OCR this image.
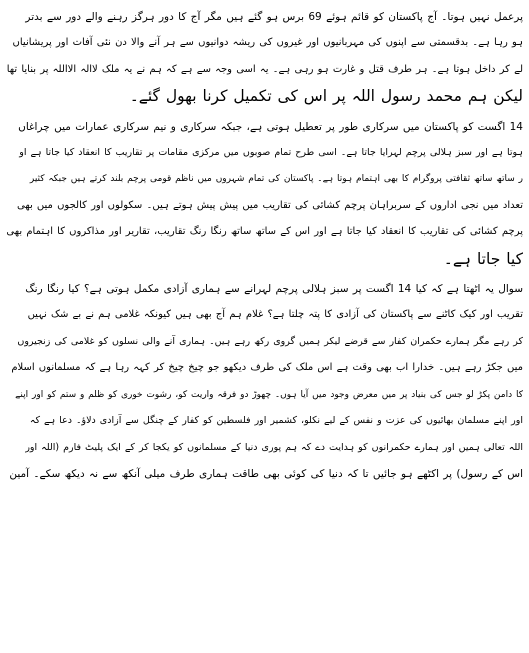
پرعمل نہیں ہوتا۔ آج پاکستان کو قائم ہوئے 69 برس ہو گئے ہیں مگر آج کا دور ہرگز رہنے والے دور سے بدتر
ہو رہا ہے۔ بدقسمتی سے اپنوں کی مہربانیوں اور غیروں کی ریشہ دوانیوں سے ہر آنے والا دن نئی آفات اور پریشانیاں
لے کر داخل ہوتا ہے۔ ہر طرف قتل و غارت ہو رہی ہے۔ یہ اسی وجہ سے ہے کہ ہم نے یہ ملک لاالہ الااللہ پر بنایا تھا
لیکن ہم محمد رسول اللہ پر اس کی تکمیل کرنا بھول گئے۔
14 اگست کو پاکستان میں سرکاری طور پر تعطیل ہوتی ہے، جبکہ سرکاری و نیم سرکاری عمارات میں چراغاں
ہوتا ہے اور سبز ہلالی پرچم لہرایا جاتا ہے۔ اسی طرح تمام صوبوں میں مرکزی مقامات پر تقاریب کا انعقاد کیا جاتا ہے او
ر ساتھ ساتھ ثقافتی پروگرام کا بھی اہتمام ہوتا ہے۔ پاکستان کی تمام شہروں میں ناظم قومی پرچم بلند کرتے ہیں جبکہ کثیر
تعداد میں نجی اداروں کے سربراہان پرچم کشائی کی تقاریب میں پیش پیش ہوتے ہیں۔ سکولوں اور کالجوں میں بھی
پرچم کشائی کی تقاریب کا انعقاد کیا جاتا ہے اور اس کے ساتھ ساتھ رنگا رنگ تقاریب، تقاریر اور مذاکروں کا اہتمام بھی
کیا جاتا ہے۔
سوال یہ اٹھتا ہے کہ کیا 14 اگست پر سبز ہلالی پرچم لہرانے سے ہماری آزادی مکمل ہوتی ہے؟ کیا رنگا رنگ
تقریب اور کیک کاٹنے سے پاکستان کی آزادی کا پتہ چلتا ہے؟ غلام ہم آج بھی ہیں کیونکہ غلامی ہم نے بے شک نہیں
کر رہے مگر ہمارے حکمران کفار سے قرضے لیکر ہمیں گروی رکھ رہے ہیں۔ ہماری آنے والی نسلوں کو غلامی کی زنجیروں
میں جکڑ رہے ہیں۔ خدارا اب بھی وقت ہے اس ملک کی طرف دیکھو جو چیخ چیخ کر کہہ رہا ہے کہ مسلمانوں اسلام
کا دامن پکڑ لو جس کی بنیاد پر میں معرض وجود میں آیا ہوں۔ چھوڑ دو فرقہ واریت کو، رشوت خوری کو ظلم و ستم کو اور اپنے
اور اپنے مسلمان بھائیوں کی عزت و نفس کے لیے نکلو، کشمیر اور فلسطین کو کفار کے چنگل سے آزادی دلاؤ۔ دعا ہے کہ
اللہ تعالی ہمیں اور ہمارے حکمرانوں کو ہدایت دے کہ ہم پوری دنیا کے مسلمانوں کو یکجا کر کے ایک پلیٹ فارم (اللہ اور
اس کے رسول) پر اکٹھے ہو جائیں تا کہ دنیا کی کوئی بھی طاقت ہماری طرف میلی آنکھ سے نہ دیکھ سکے۔ آمین
